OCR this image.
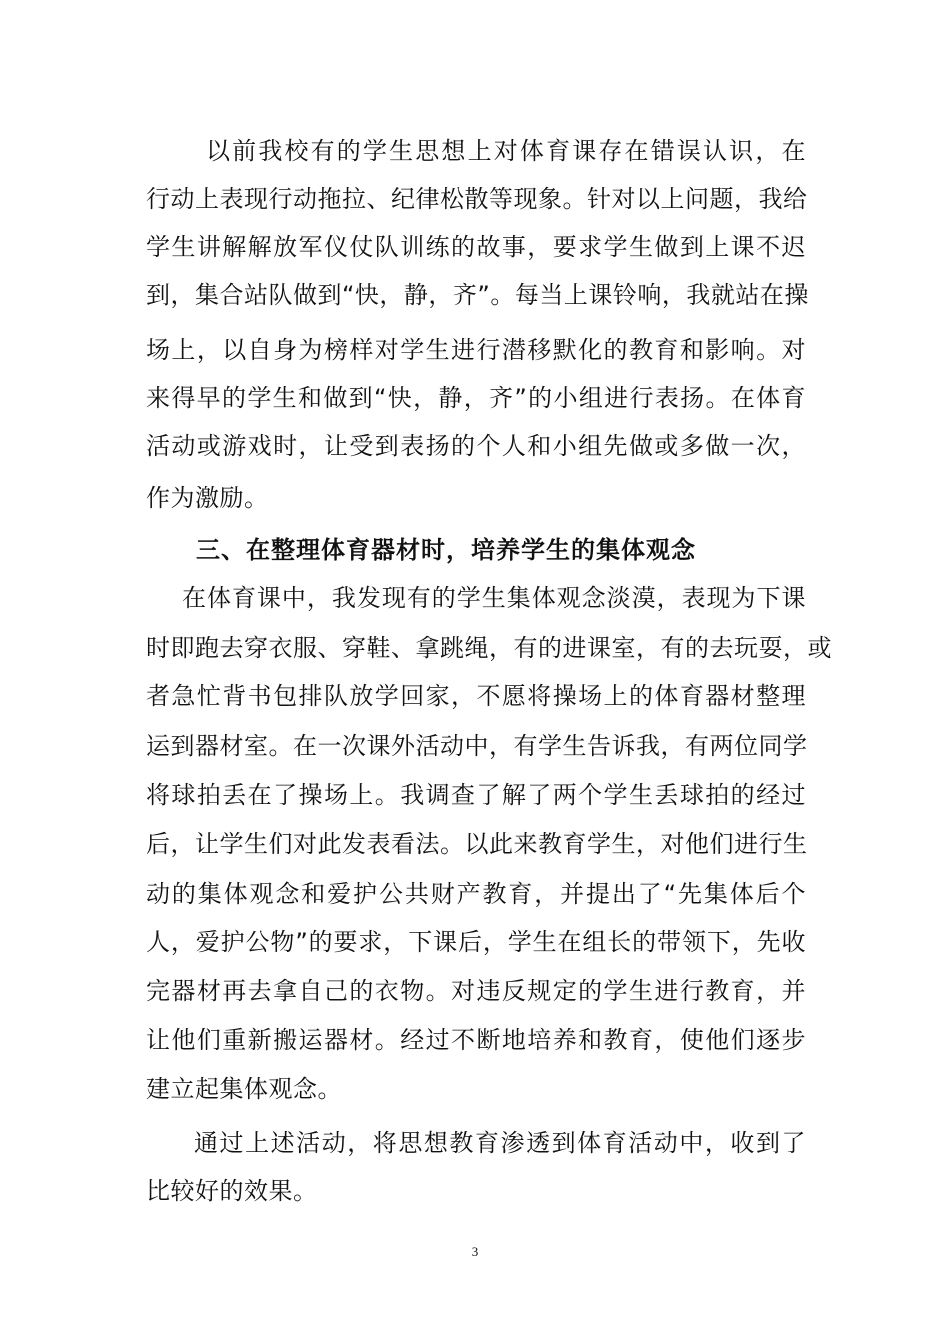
以前我校有的学生思想上对体育课存在错误认识，在
行动上表现行动拖拉、纪律松散等现象。针对以上问题，我给
学生讲解解放军仪仗队训练的故事，要求学生做到上课不迟
到，集合站队做到“快，静，齐”。每当上课铃响，我就站在操
场上，以自身为榜样对学生进行潜移默化的教育和影响。对
来得早的学生和做到“快，静，齐”的小组进行表扬。在体育
活动或游戏时，让受到表扬的个人和小组先做或多做一次，
作为激励。
三、在整理体育器材时，培养学生的集体观念
在体育课中，我发现有的学生集体观念淡漠，表现为下课
时即跑去穿衣服、穿鞋、拿跳绳，有的进课室，有的去玩耍，或
者急忙背书包排队放学回家，不愿将操场上的体育器材整理
运到器材室。在一次课外活动中，有学生告诉我，有两位同学
将球拍丢在了操场上。我调查了解了两个学生丢球拍的经过
后，让学生们对此发表看法。以此来教育学生，对他们进行生
动的集体观念和爱护公共财产教育，并提出了“先集体后个
人，爱护公物”的要求，下课后，学生在组长的带领下，先收
完器材再去拿自己的衣物。对违反规定的学生进行教育，并
让他们重新搬运器材。经过不断地培养和教育，使他们逐步
建立起集体观念。
通过上述活动，将思想教育渗透到体育活动中，收到了
比较好的效果。
3
